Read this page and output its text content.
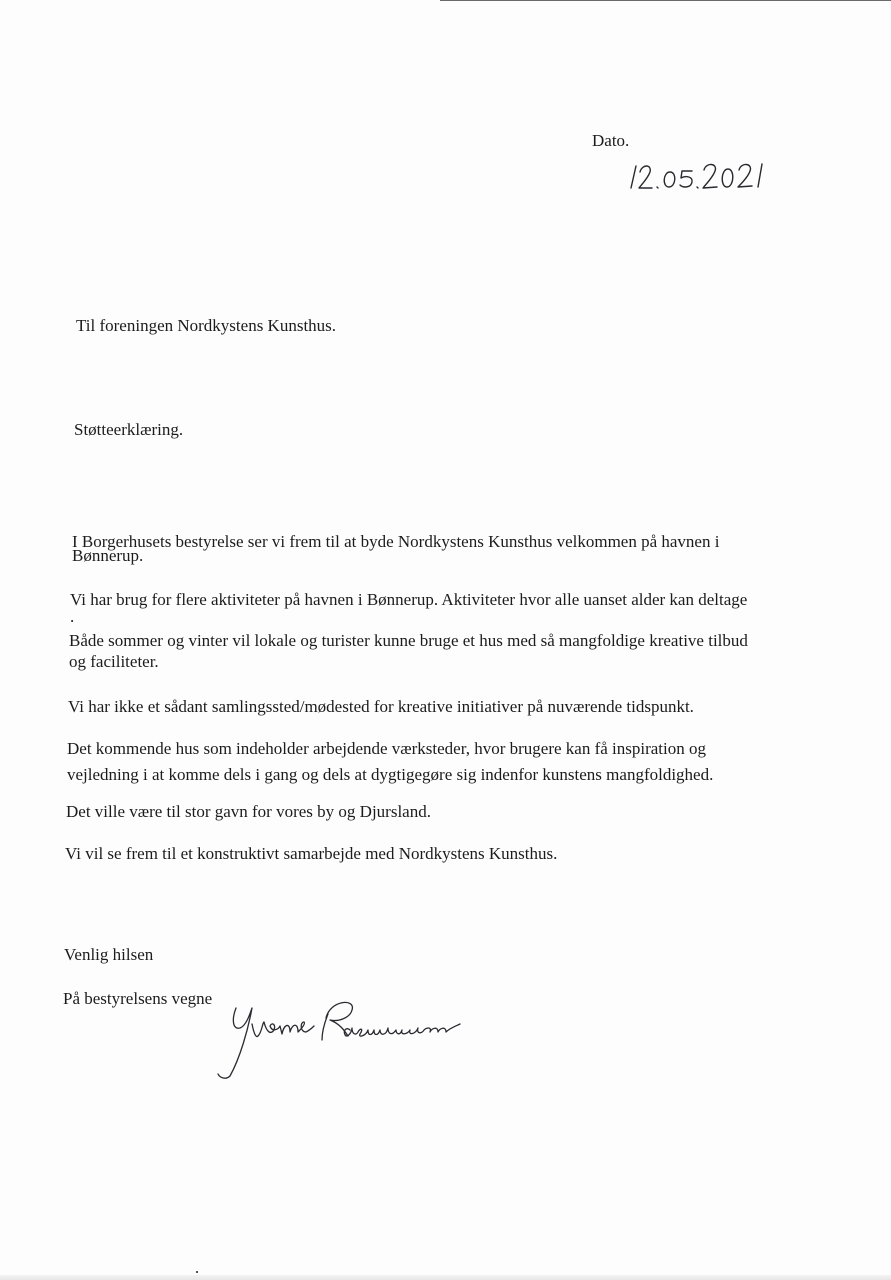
Dato.

Til foreningen Nordkystens Kunsthus.

Støtteerklæring.

I Borgerhusets bestyrelse ser vi frem til at byde Nordkystens Kunsthus velkommen på havnen i

Bønnerup.

Vi har brug for flere aktiviteter på havnen i Bønnerup. Aktiviteter hvor alle uanset alder kan deltage

.

Både sommer og vinter vil lokale og turister kunne bruge et hus med så mangfoldige kreative tilbud

og faciliteter.

Vi har ikke et sådant samlingssted/mødested for kreative initiativer på nuværende tidspunkt.

Det kommende hus som indeholder arbejdende værksteder, hvor brugere kan få inspiration og

vejledning i at komme dels i gang og dels at dygtigegøre sig indenfor kunstens mangfoldighed.

Det ville være til stor gavn for vores by og Djursland.

Vi vil se frem til et konstruktivt samarbejde med Nordkystens Kunsthus.

Venlig hilsen

På bestyrelsens vegne
